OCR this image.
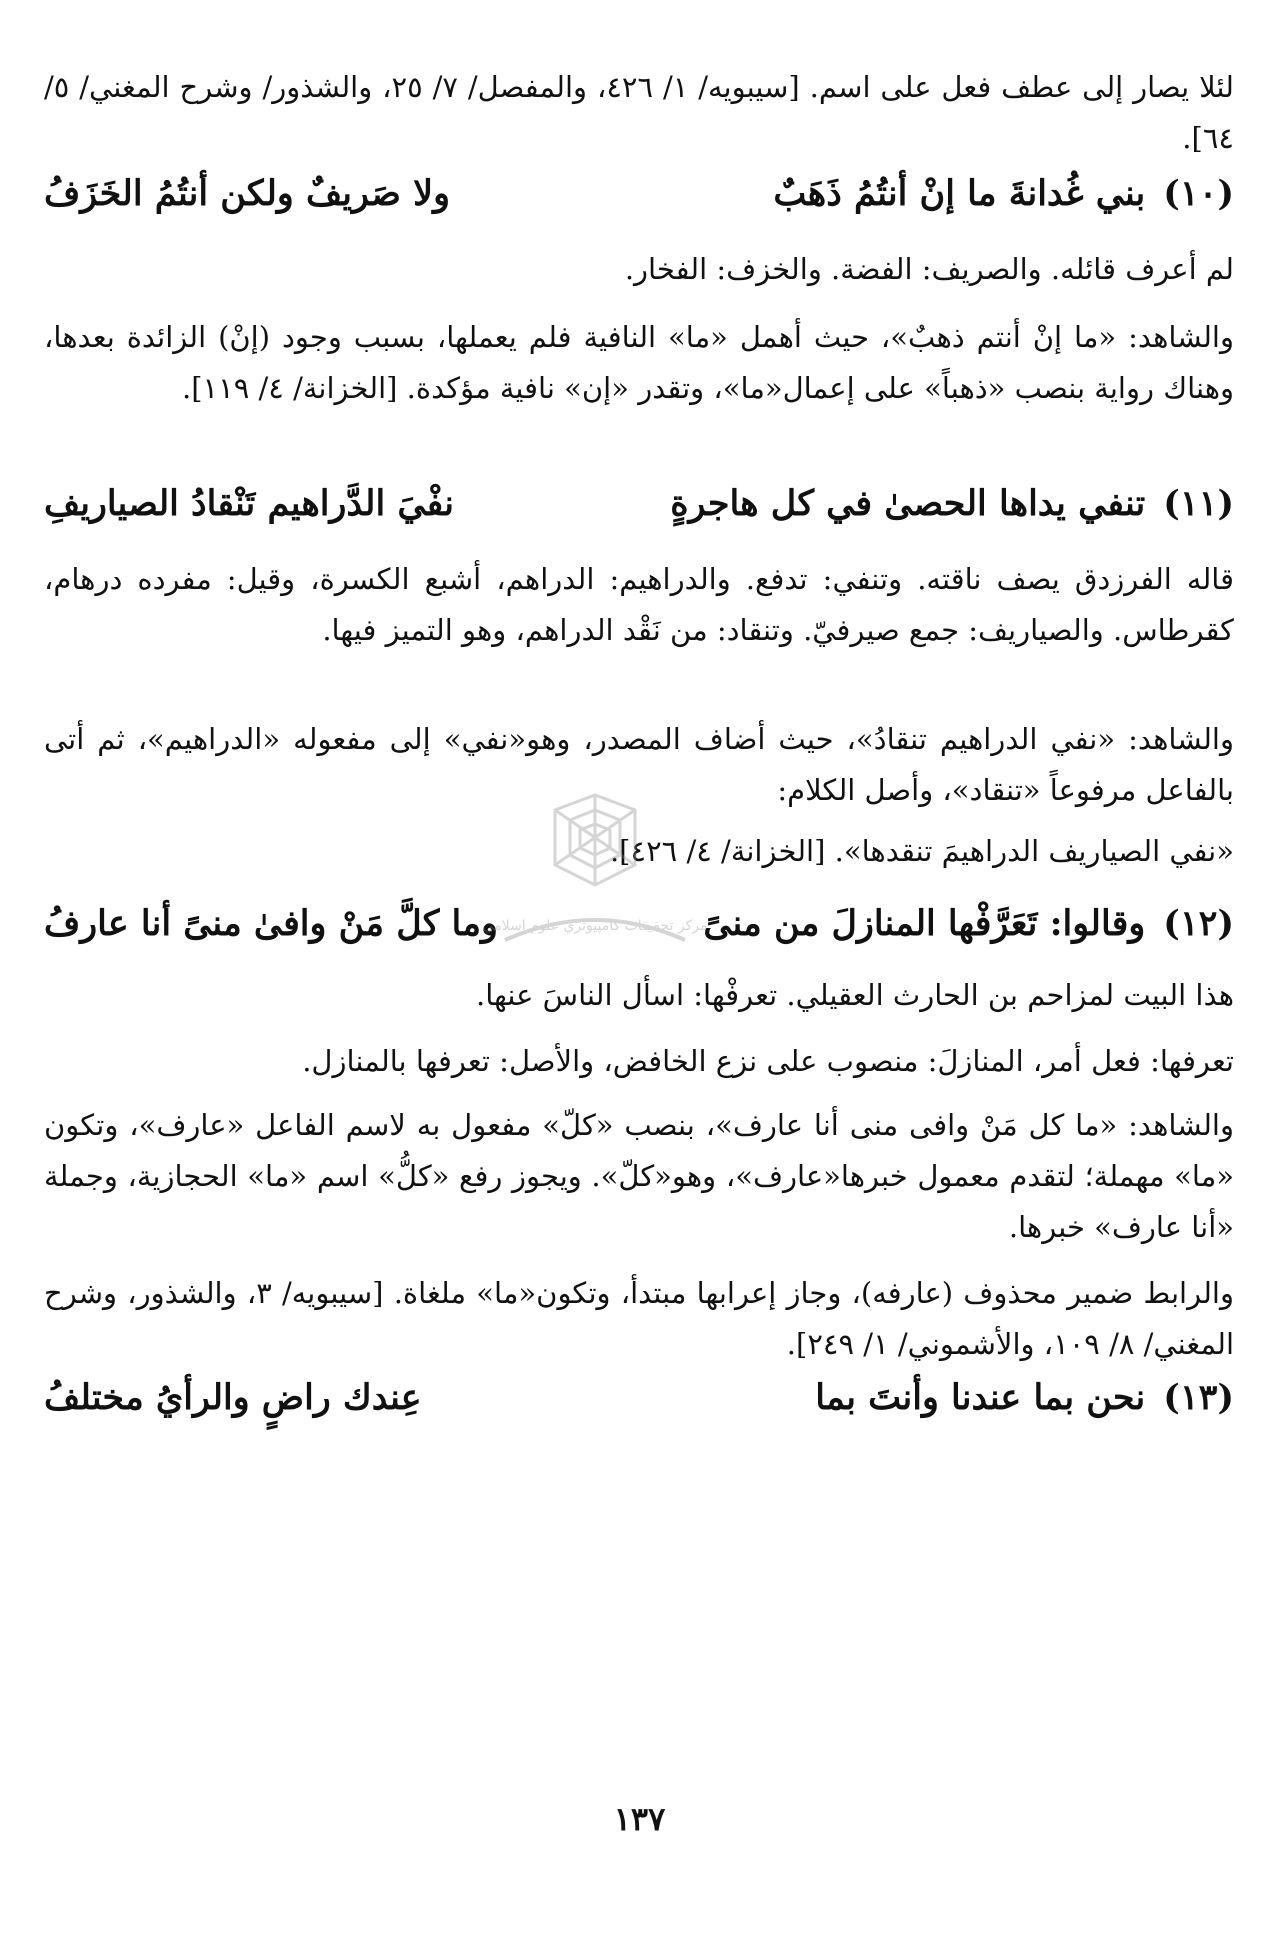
لئلا يصار إلى عطف فعل على اسم. [سيبويه/ ١/ ٤٢٦، والمفصل/ ٧/ ٢٥، والشذور/ وشرح المغني/ ٥/ ٦٤].

(١٠)
بني غُدانةَ ما إنْ أنتُمُ ذَهَبٌ
ولا صَريفٌ ولكن أنتُمُ الخَزَفُ

لم أعرف قائله. والصريف: الفضة. والخزف: الفخار.

والشاهد: «ما إنْ أنتم ذهبٌ»، حيث أهمل «ما» النافية فلم يعملها، بسبب وجود (إنْ) الزائدة بعدها، وهناك رواية بنصب «ذهباً» على إعمال«ما»، وتقدر «إن» نافية مؤكدة. [الخزانة/ ٤/ ١١٩].

(١١)
تنفي يداها الحصىٰ في كل هاجرةٍ
نفْيَ الدَّراهيم تَنْقادُ الصياريفِ

قاله الفرزدق يصف ناقته. وتنفي: تدفع. والدراهيم: الدراهم، أشبع الكسرة، وقيل: مفرده درهام، كقرطاس. والصياريف: جمع صيرفيّ. وتنقاد: من نَقْد الدراهم، وهو التميز فيها.

والشاهد: «نفي الدراهيم تنقادُ»، حيث أضاف المصدر، وهو«نفي» إلى مفعوله «الدراهيم»، ثم أتى بالفاعل مرفوعاً «تنقاد»، وأصل الكلام:

«نفي الصياريف الدراهيمَ تنقدها». [الخزانة/ ٤/ ٤٢٦].

(١٢)
وقالوا: تَعَرَّفْها المنازلَ من منىً
وما كلَّ مَنْ وافىٰ منىً أنا عارفُ

هذا البيت لمزاحم بن الحارث العقيلي. تعرفْها: اسأل الناسَ عنها.

تعرفها: فعل أمر، المنازلَ: منصوب على نزع الخافض، والأصل: تعرفها بالمنازل.

والشاهد: «ما كل مَنْ وافى منى أنا عارف»، بنصب «كلّ» مفعول به لاسم الفاعل «عارف»، وتكون «ما» مهملة؛ لتقدم معمول خبرها«عارف»، وهو«كلّ». ويجوز رفع «كلُّ» اسم «ما» الحجازية، وجملة «أنا عارف» خبرها.

والرابط ضمير محذوف (عارفه)، وجاز إعرابها مبتدأ، وتكون«ما» ملغاة. [سيبويه/ ٣، والشذور، وشرح المغني/ ٨/ ١٠٩، والأشموني/ ١/ ٢٤٩].

(١٣)
نحن بما عندنا وأنتَ بما
عِندك راضٍ والرأيُ مختلفُ
١٣٧
مركز تحقيقات كامپيوتري علوم اسلامي
